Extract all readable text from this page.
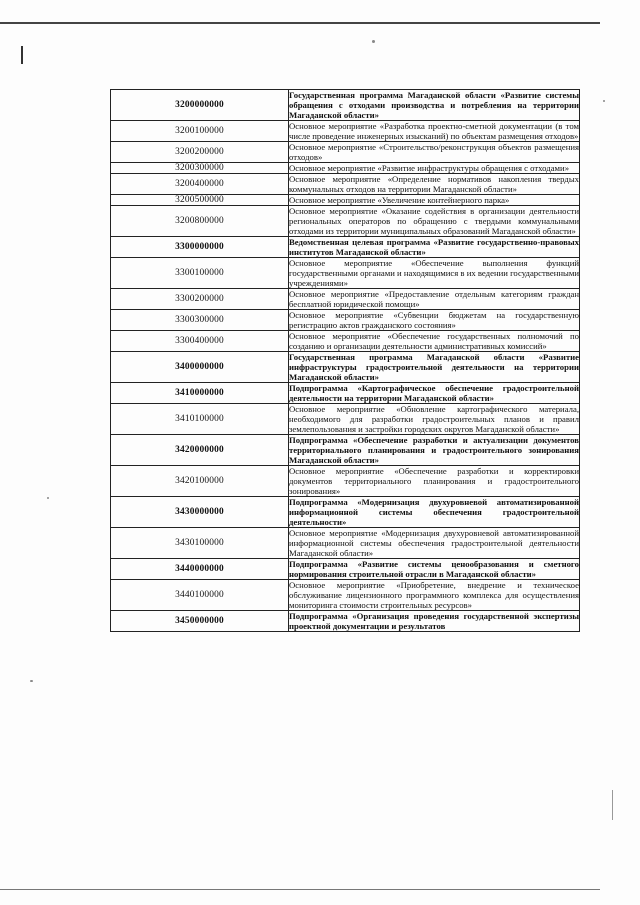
3200000000	Государственная программа Магаданской области «Развитие системы обращения с отходами производства и потребления на территории Магаданской области»
3200100000	Основное мероприятие «Разработка проектно-сметной документации (в том числе проведение инженерных изысканий) по объектам размещения отходов»
3200200000	Основное мероприятие «Строительство/реконструкция объектов размещения отходов»
3200300000	Основное мероприятие «Развитие инфраструктуры обращения с отходами»
3200400000	Основное мероприятие «Определение нормативов накопления твердых коммунальных отходов на территории Магаданской области»
3200500000	Основное мероприятие «Увеличение контейнерного парка»
3200800000	Основное мероприятие «Оказание содействия в организации деятельности региональных операторов по обращению с твердыми коммунальными отходами из территории муниципальных образований Магаданской области»
3300000000	Ведомственная целевая программа «Развитие государственно-правовых институтов Магаданской области»
3300100000	Основное мероприятие «Обеспечение выполнения функций государственными органами и находящимися в их ведении государственными учреждениями»
3300200000	Основное мероприятие «Предоставление отдельным категориям граждан бесплатной юридической помощи»
3300300000	Основное мероприятие «Субвенции бюджетам на государственную регистрацию актов гражданского состояния»
3300400000	Основное мероприятие «Обеспечение государственных полномочий по созданию и организации деятельности административных комиссий»
3400000000	Государственная программа Магаданской области «Развитие инфраструктуры градостроительной деятельности на территории Магаданской области»
3410000000	Подпрограмма «Картографическое обеспечение градостроительной деятельности на территории Магаданской области»
3410100000	Основное мероприятие «Обновление картографического материала, необходимого для разработки градостроительных планов и правил землепользования и застройки городских округов Магаданской области»
3420000000	Подпрограмма «Обеспечение разработки и актуализации документов территориального планирования и градостроительного зонирования Магаданской области»
3420100000	Основное мероприятие «Обеспечение разработки и корректировки документов территориального планирования и градостроительного зонирования»
3430000000	Подпрограмма «Модернизация двухуровневой автоматизированной информационной системы обеспечения градостроительной деятельности»
3430100000	Основное мероприятие «Модернизация двухуровневой автоматизированной информационной системы обеспечения градостроительной деятельности Магаданской области»
3440000000	Подпрограмма «Развитие системы ценообразования и сметного нормирования строительной отрасли в Магаданской области»
3440100000	Основное мероприятие «Приобретение, внедрение и техническое обслуживание лицензионного программного комплекса для осуществления мониторинга стоимости строительных ресурсов»
3450000000	Подпрограмма «Организация проведения государственной экспертизы проектной документации и результатов
